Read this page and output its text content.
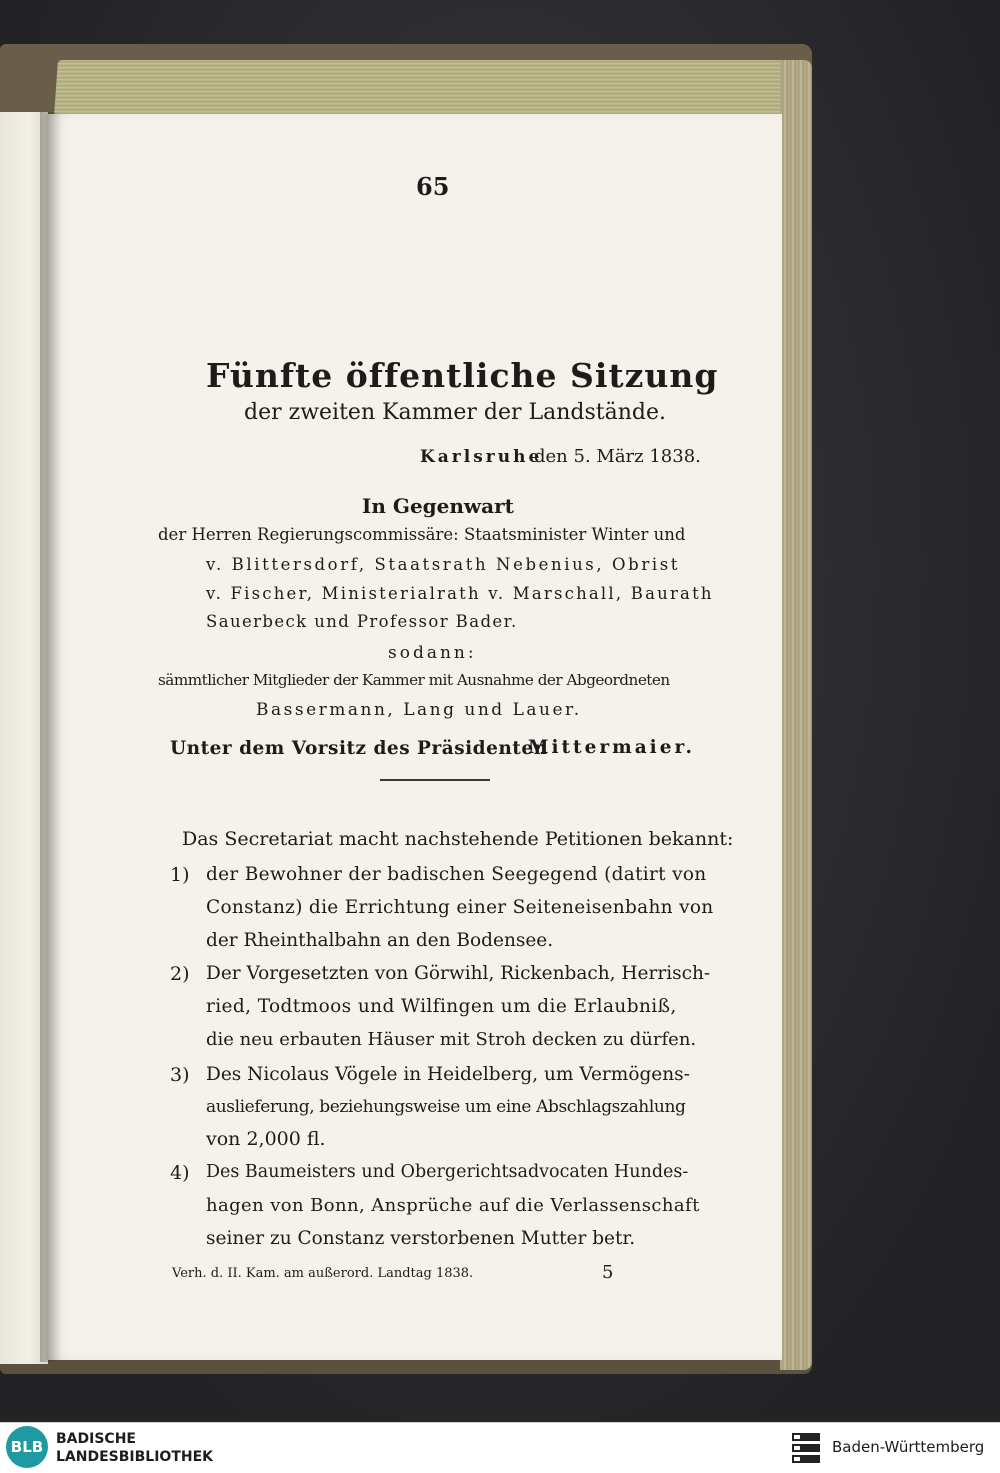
65
Fünfte öffentliche Sitzung
der zweiten Kammer der Landstände.
Karlsruhe
den 5. März 1838.
In Gegenwart
der Herren Regierungscommissäre: Staatsminister Winter und
v. Blittersdorf, Staatsrath Nebenius, Obrist
v. Fischer, Ministerialrath v. Marschall, Baurath
Sauerbeck und Professor Bader.
sodann:
sämmtlicher Mitglieder der Kammer mit Ausnahme der Abgeordneten
Bassermann, Lang und Lauer.
Unter dem Vorsitz des Präsidenten
Mittermaier.
Das Secretariat macht nachstehende Petitionen bekannt:
1) der Bewohner der badischen Seegegend (datirt von
Constanz) die Errichtung einer Seiteneisenbahn von
der Rheinthalbahn an den Bodensee.
2) Der Vorgesetzten von Görwihl, Rickenbach, Herrisch-
ried, Todtmoos und Wilfingen um die Erlaubniß,
die neu erbauten Häuser mit Stroh decken zu dürfen.
3) Des Nicolaus Vögele in Heidelberg, um Vermögens-
auslieferung, beziehungsweise um eine Abschlagszahlung
von 2,000 fl.
4) Des Baumeisters und Obergerichtsadvocaten Hundes-
hagen von Bonn, Ansprüche auf die Verlassenschaft
seiner zu Constanz verstorbenen Mutter betr.
Verh. d. II. Kam. am außerord. Landtag 1838.	5
BLB BADISCHE
LANDESBIBLIOTHEK
Baden-Württemberg
